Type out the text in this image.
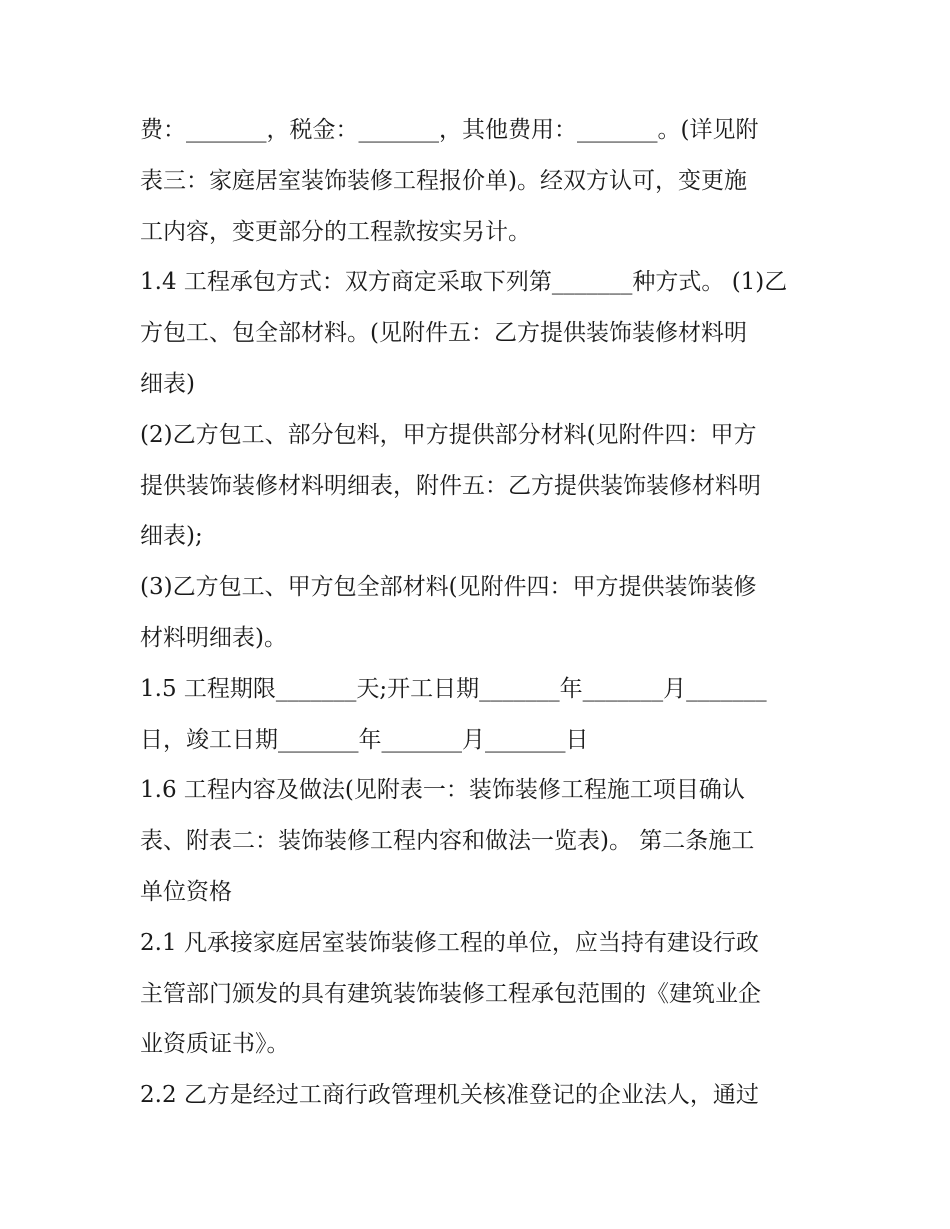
费：_______，税金：_______，其他费用：_______。(详见附
表三：家庭居室装饰装修工程报价单)。经双方认可，变更施
工内容，变更部分的工程款按实另计。
1.4 工程承包方式：双方商定采取下列第_______种方式。 (1)乙
方包工、包全部材料。(见附件五：乙方提供装饰装修材料明
细表)
(2)乙方包工、部分包料，甲方提供部分材料(见附件四：甲方
提供装饰装修材料明细表，附件五：乙方提供装饰装修材料明
细表);
(3)乙方包工、甲方包全部材料(见附件四：甲方提供装饰装修
材料明细表)。
1.5 工程期限_______天;开工日期_______年_______月_______
日，竣工日期_______年_______月_______日
1.6 工程内容及做法(见附表一：装饰装修工程施工项目确认
表、附表二：装饰装修工程内容和做法一览表)。 第二条施工
单位资格
2.1 凡承接家庭居室装饰装修工程的单位，应当持有建设行政
主管部门颁发的具有建筑装饰装修工程承包范围的《建筑业企
业资质证书》。
2.2 乙方是经过工商行政管理机关核准登记的企业法人，通过
